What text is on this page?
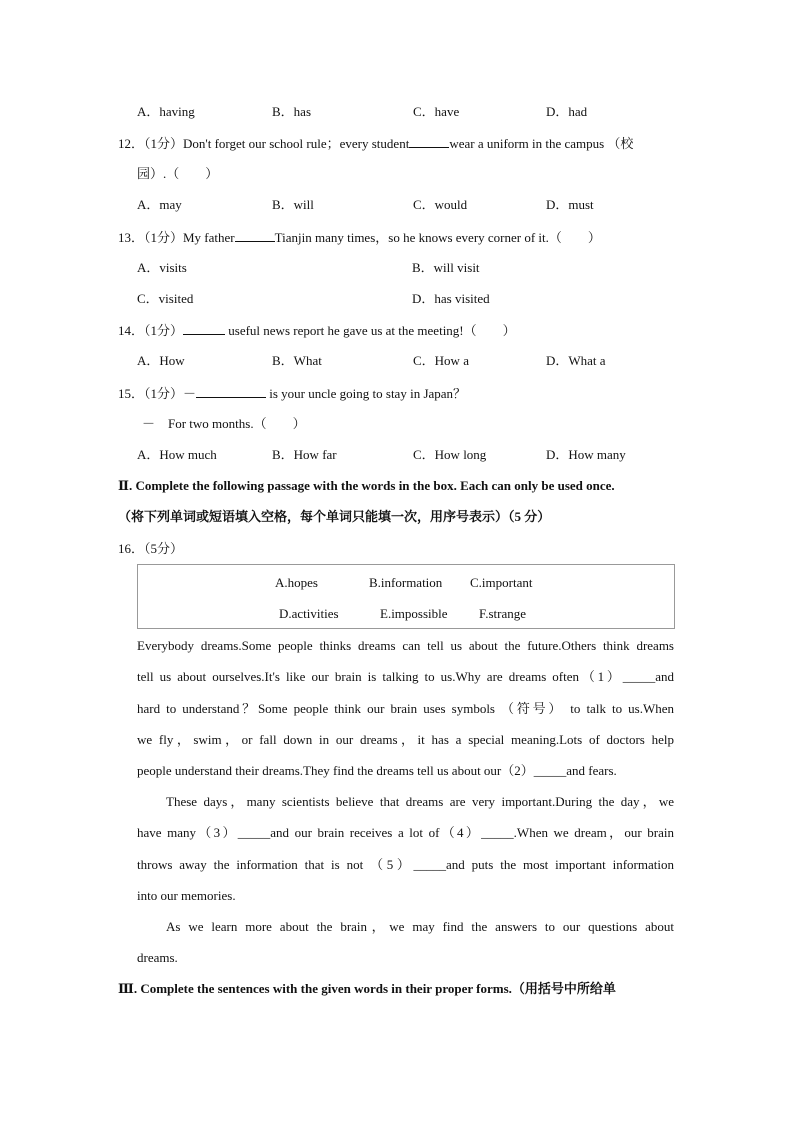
A．having	B．has	C．have	D．had
12．（1分）Don't forget our school rule；every student	wear a uniform in the campus （校
园）.（　　）
A．may	B．will	C．would	D．must
13．（1分）My father	Tianjin many times，so he knows every corner of it.（　　）
A．visits	B．will visit
C．visited	D．has visited
14．（1分）	useful news report he gave us at the meeting!（　　）
A．How	B．What	C．How a	D．What a
15．（1分）－	is your uncle going to stay in Japan？
－　For two months.（　　）
A．How much	B．How far	C．How long	D．How many
Ⅱ. Complete the following passage with the words in the box. Each can only be used once.
（将下列单词或短语填入空格，每个单词只能填一次，用序号表示）（5 分）
16．（5分）
A.hopes	B.information C.important
D.activities	E.impossible F.strange
Everybody dreams.Some people thinks dreams can tell us about the future.Others think dreams
tell us about ourselves.It's like our brain is talking to us.Why are dreams often（1）_____and
hard to understand？Some people think our brain uses symbols （符号） to talk to us.When
we fly，swim，or fall down in our dreams，it has a special meaning.Lots of doctors help
people understand their dreams.They find the dreams tell us about our（2）_____and fears.
These days，many scientists believe that dreams are very important.During the day，we
have many（3）_____and our brain receives a lot of（4）_____.When we dream，our brain
throws away the information that is not （5）_____and puts the most important information
into our memories.
As we learn more about the brain，we may find the answers to our questions about
dreams.
Ⅲ. Complete the sentences with the given words in their proper forms.（用括号中所给单
